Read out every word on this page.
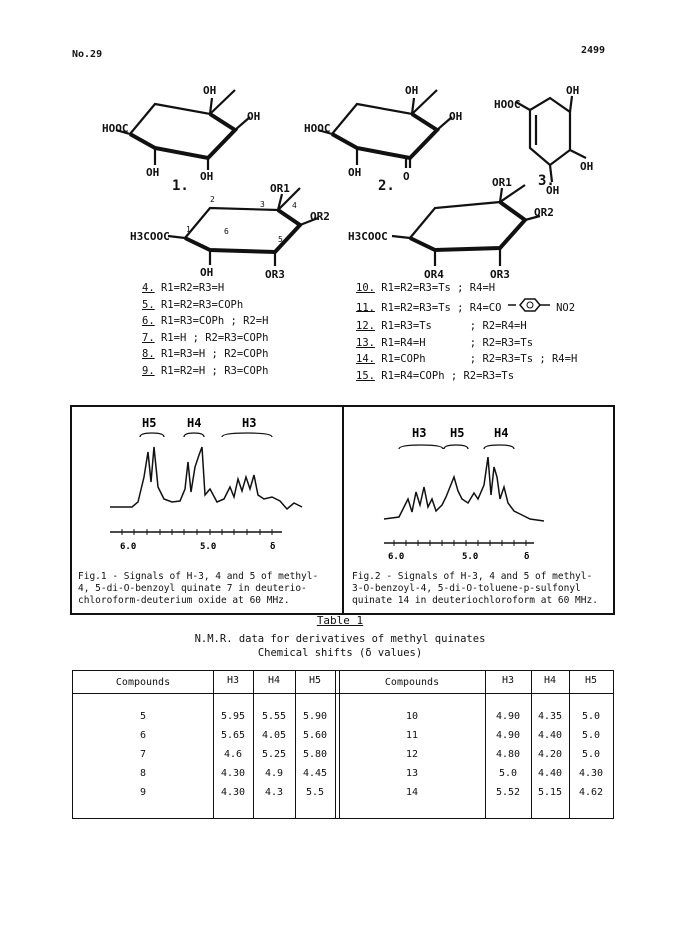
No.29	2499
HOOC
OH
OH
OH	OH
1.
HOOC
OH
OH
OH	O
2.
HOOC
OH
OH
OH
3.
H3COOC
OR1
OR2
OR3
OH
1
2
3	4
5
6	H3COOC
OR1
OR2
OR4	OR3
4. R1=R2=R3=H
5. R1=R2=R3=COPh
6. R1=R3=COPh ; R2=H
7. R1=H ; R2=R3=COPh
8. R1=R3=H ; R2=COPh
9. R1=R2=H ; R3=COPh
10. R1=R2=R3=Ts ; R4=H
11. R1=R2=R3=Ts ; R4=CO	NO2
12. R1=R3=Ts      ; R2=R4=H
13. R1=R4=H       ; R2=R3=Ts
14. R1=COPh       ; R2=R3=Ts ; R4=H
15. R1=R4=COPh ; R2=R3=Ts
H5	H4	H3
6.0	5.0	δ
H3 H5 H4
6.0	5.0	δ
Fig.1 - Signals of H-3, 4 and 5 of methyl-
4, 5-di-O-benzoyl quinate 7 in deuterio-
chloroform-deuterium oxide at 60 MHz.
Fig.2 - Signals of H-3, 4 and 5 of methyl-
3-O-benzoyl-4, 5-di-O-toluene-p-sulfonyl
quinate 14 in deuteriochloroform at 60 MHz.
Table 1
N.M.R. data for derivatives of methyl quinates
Chemical shifts (δ values)
Compounds	H3	H4	H5	Compounds	H3	H4	H5
5	5.95	5.55	5.90	10	4.90	4.35	5.0
6	5.65	4.05	5.60	11	4.90	4.40	5.0
7	4.6	5.25	5.80	12	4.80	4.20	5.0
8	4.30	4.9	4.45	13	5.0	4.40	4.30
9	4.30	4.3	5.5	14	5.52	5.15	4.62
